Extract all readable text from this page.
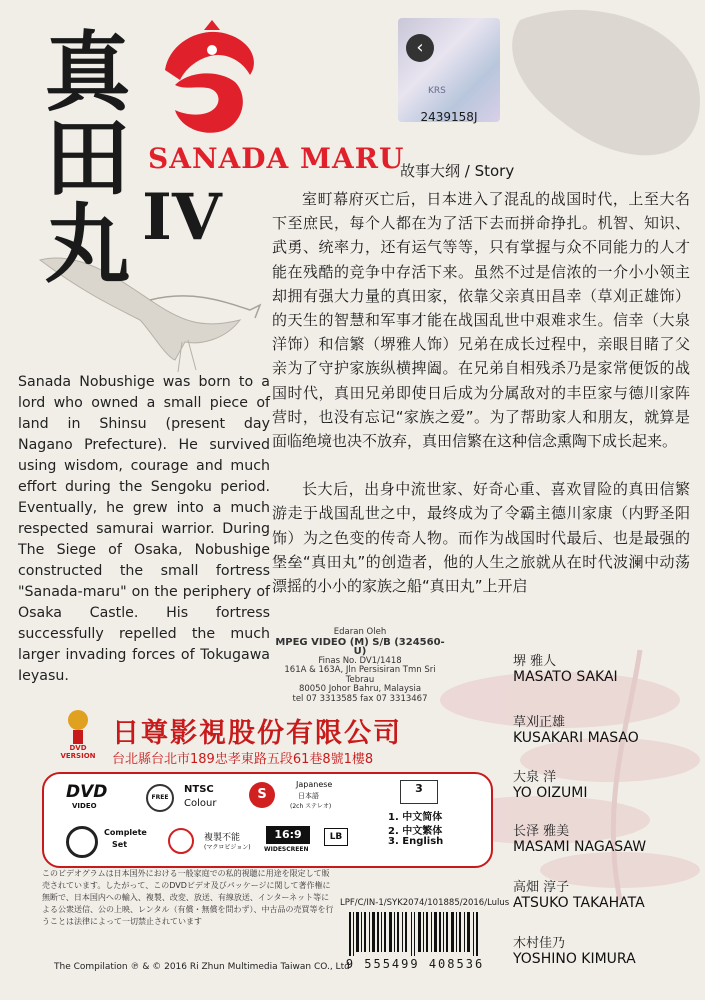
真
田
丸
SANADA MARU
IV
‹
KRS
2439158J
故事大纲 / Story

室町幕府灭亡后，日本进入了混乱的战国时代，上至大名下至庶民，每个人都在为了活下去而拼命挣扎。机智、知识、武勇、统率力，还有运气等等，只有掌握与众不同能力的人才能在残酷的竞争中存活下来。虽然不过是信浓的一介小小领主却拥有强大力量的真田家，依靠父亲真田昌幸（草刈正雄饰）的天生的智慧和军事才能在战国乱世中艰难求生。信幸（大泉洋饰）和信繁（堺雅人饰）兄弟在成长过程中，亲眼目睹了父亲为了守护家族纵横捭阖。在兄弟自相残杀乃是家常便饭的战国时代，真田兄弟即使日后成为分属敌对的丰臣家与德川家阵营时，也没有忘记“家族之爱”。为了帮助家人和朋友，就算是面临绝境也决不放弃，真田信繁在这种信念熏陶下成长起来。

长大后，出身中流世家、好奇心重、喜欢冒险的真田信繁游走于战国乱世之中，最终成为了令霸主德川家康（内野圣阳饰）为之色变的传奇人物。而作为战国时代最后、也是最强的堡垒“真田丸”的创造者，他的人生之旅就从在时代波澜中动荡漂摇的小小的家族之船“真田丸”上开启

Sanada Nobushige was born to a lord who owned a small piece of land in Shinsu (present day Nagano Prefecture). He survived using wisdom, courage and much effort during the Sengoku period. Eventually, he grew into a much respected samurai warrior. During The Siege of Osaka, Nobushige constructed the small fortress "Sanada-maru" on the periphery of Osaka Castle. His fortress successfully repelled the much larger invading forces of Tokugawa Ieyasu.
Edaran Oleh
MPEG VIDEO (M) S/B (324560-U)
Finas No. DV1/1418
161A & 163A, Jln Persisiran Tmn Sri Tebrau
80050 Johor Bahru, Malaysia
tel 07 3313585 fax 07 3313467
DVD VERSION
日尊影視股份有限公司
台北縣台北市189忠孝東路五段61巷8號1樓8
DVD
VIDEO
FREE
NTSC
Colour
S
Japanese
日本語
(2ch ステレオ)
3
1. 中文简体
2. 中文繁体
3. English
Complete
Set
複製不能
(マクロビジョン)
16:9
WIDESCREEN
LB
堺 雅人
MASATO SAKAI
草刈正雄
KUSAKARI MASAO
大泉 洋
YO OIZUMI
长泽 雅美
MASAMI NAGASAW
高畑 淳子
ATSUKO TAKAHATA
木村佳乃
YOSHINO KIMURA
このビデオグラムは日本国外における一般家庭での私的視聴に用途を限定して販売されています。したがって、このDVDビデオ及びパッケージに関して著作権に無断で、日本国内への輸入、複製、改変、放送、有線放送、インターネット等による公衆送信、公の上映、レンタル（有償・無償を問わず）、中古品の売買等を行うことは法律によって一切禁止されています
LPF/C/IN-1/SYK2074/101885/2016/Lulus
9 555499 408536
The Compilation ℗ & © 2016 Ri Zhun Multimedia Taiwan CO., Ltd
